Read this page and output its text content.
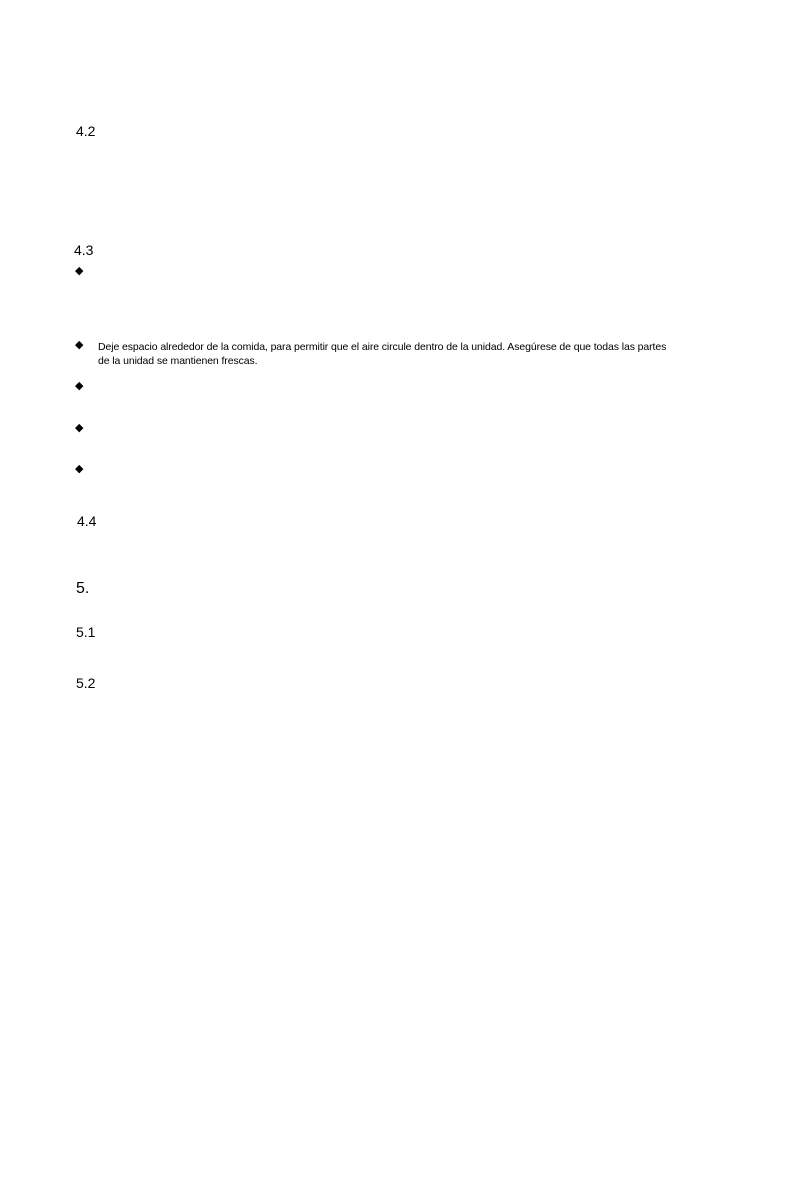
4.2
4.3
◆
◆ Deje espacio alrededor de la comida, para permitir que el aire circule dentro de la unidad. Asegúrese de que todas las partes
de la unidad se mantienen frescas.
◆
◆
◆
4.4
5.
5.1
5.2
